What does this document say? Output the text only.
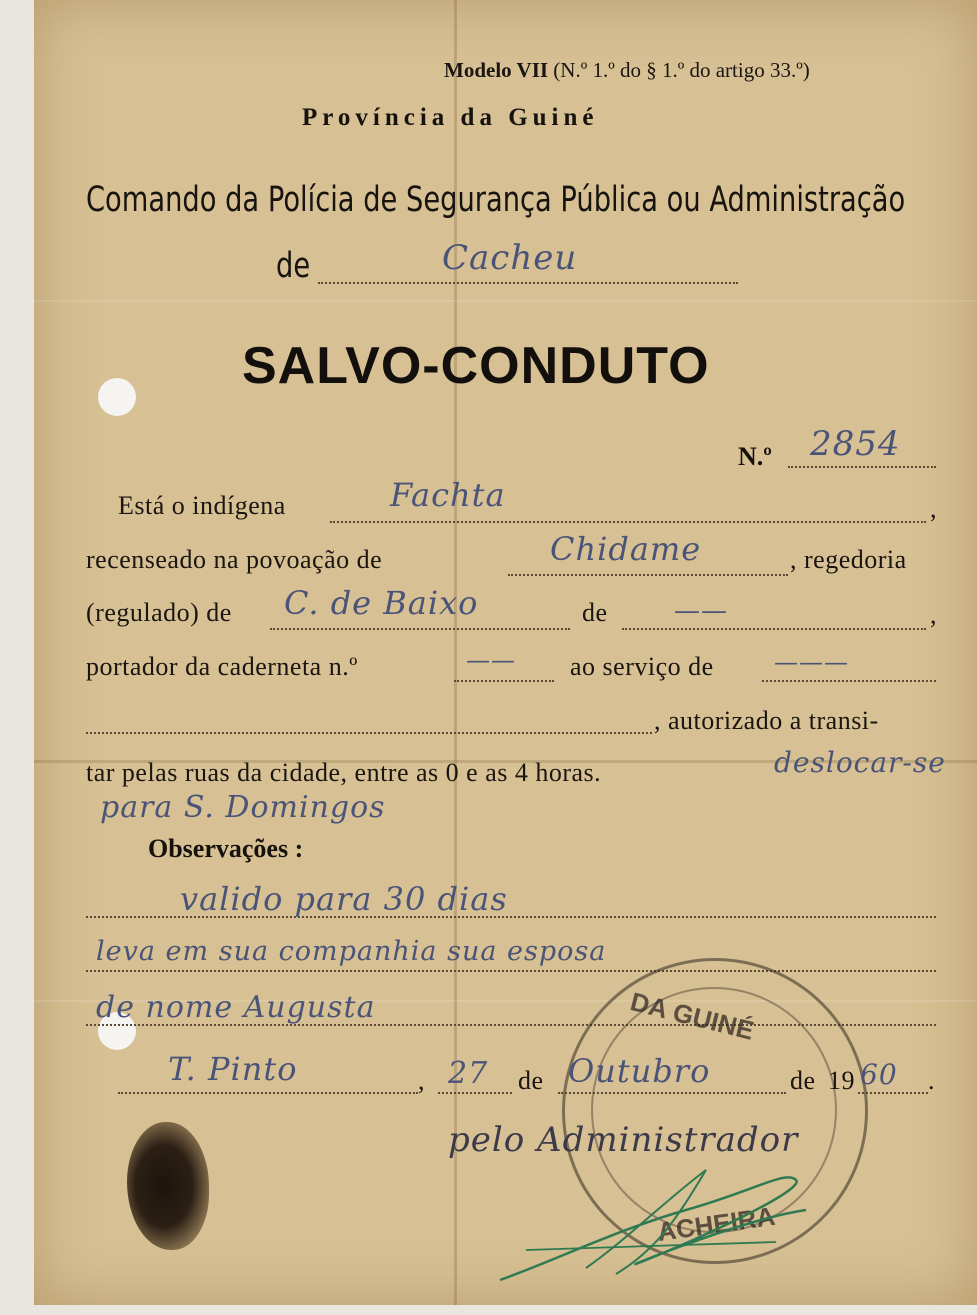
Modelo VII (N.º 1.º do § 1.º do artigo 33.º)
Província da Guiné
Comando da Polícia de Segurança Pública ou Administração
de	Cacheu
SALVO-CONDUTO
N.º 2854
Está o indígena	,
Fachta
recenseado na povoação de	, regedoria
Chidame
(regulado) de C. de Baixo	de	——	,
portador da caderneta n.º	—— ao serviço de	———
, autorizado a transi-
tar pelas ruas da cidade, entre as 0 e as 4 horas.	deslocar-se
para S. Domingos
Observações :
valido para 30 dias
leva em sua companhia sua esposa
de nome Augusta	DA GUINÉ
ACHEIRA
T. Pinto	, 27 de Outubro	de 19 60 .
pelo Administrador
